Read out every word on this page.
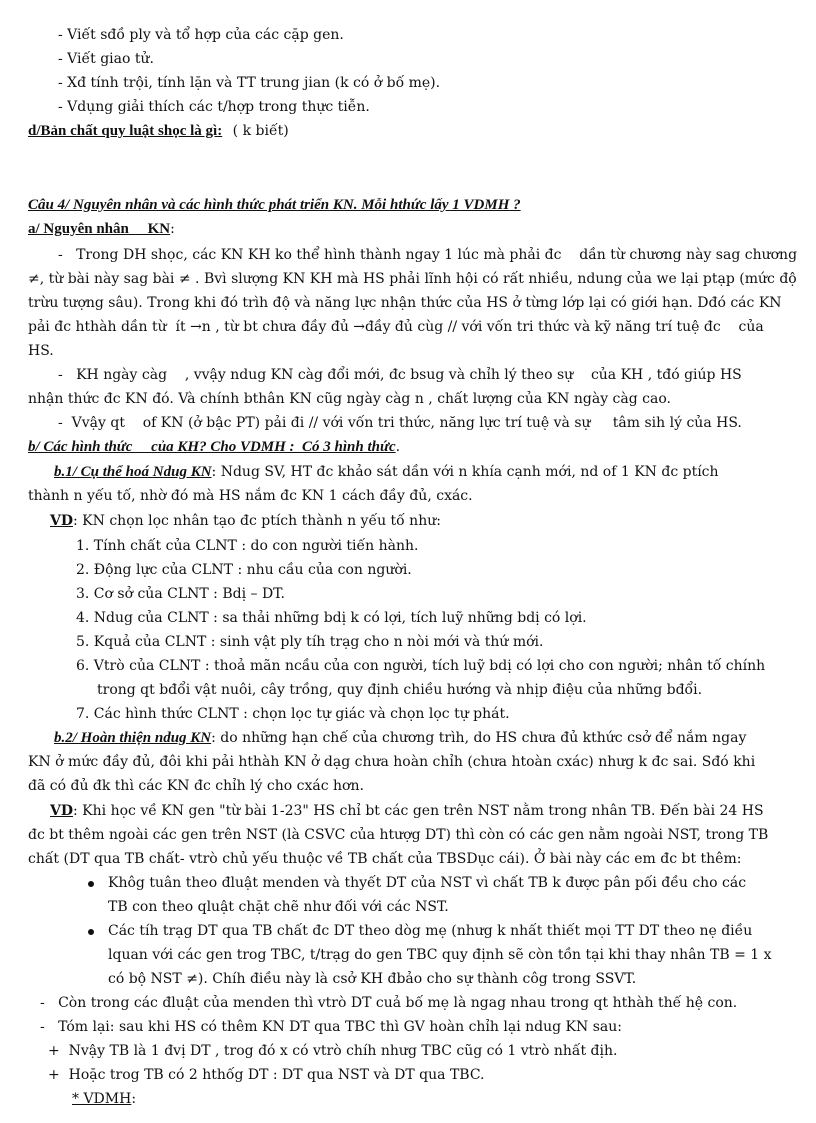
- Viết sđồ ply và tổ hợp của các cặp gen.
- Viết giao tử.
- Xđ tính trội, tính lặn và TT trung jian (k có ở bố mẹ).
- Vdụng giải thích các t/hợp trong thực tiễn.
d/Bản chất quy luật shọc là gì: ( k biết)
Câu 4/ Nguyên nhân và các hình thức phát triển KN. Mỗi hthức lấy 1 VDMH ?
a/ Nguyên nhân     KN:
-   Trong DH shọc, các KN KH ko thể hình thành ngay 1 lúc mà phải đc    dần từ chương này sag chương
≠, từ bài này sag bài ≠ . Bvì slượng KN KH mà HS phải lĩnh hội có rất nhiều, ndung của we lại ptạp (mức độ
trừu tượng sâu). Trong khi đó trìh độ và năng lực nhận thức của HS ở từng lớp lại có giới hạn. Dđó các KN
pải đc hthàh dần từ  ít →n , từ bt chưa đầy đủ →đầy đủ cùg // với vốn tri thức và kỹ năng trí tuệ đc    của
HS.
-   KH ngày càg    , vvậy ndug KN càg đổi mới, đc bsug và chỉh lý theo sự    của KH , tđó giúp HS
nhận thức đc KN đó. Và chính bthân KN cũg ngày càg n , chất lượng của KN ngày càg cao.
-  Vvậy qt    of KN (ở bậc PT) pải đi // với vốn tri thức, năng lực trí tuệ và sự     tâm sih lý của HS.
b/ Các hình thức     của KH? Cho VDMH :  Có 3 hình thức.
b.1/ Cụ thể hoá Ndug KN: Ndug SV, HT đc khảo sát dần với n khía cạnh mới, nd of 1 KN đc ptích
thành n yếu tố, nhờ đó mà HS nắm đc KN 1 cách đầy đủ, cxác.
VD: KN chọn lọc nhân tạo đc ptích thành n yếu tố như:
1. Tính chất của CLNT : do con người tiến hành.
2. Động lực của CLNT : nhu cầu của con người.
3. Cơ sở của CLNT : Bdị – DT.
4. Ndug của CLNT : sa thải những bdị k có lợi, tích luỹ những bdị có lợi.
5. Kquả của CLNT : sinh vật ply tíh trạg cho n nòi mới và thứ mới.
6. Vtrò của CLNT : thoả mãn ncầu của con người, tích luỹ bdị có lợi cho con người; nhân tố chính
trong qt bđổi vật nuôi, cây trồng, quy định chiều hướng và nhịp điệu của những bđổi.
7. Các hình thức CLNT : chọn lọc tự giác và chọn lọc tự phát.
b.2/ Hoàn thiện ndug KN: do những hạn chế của chương trìh, do HS chưa đủ kthức csở để nắm ngay
KN ở mức đầy đủ, đôi khi pải hthàh KN ở dạg chưa hoàn chỉh (chưa htoàn cxác) nhưg k đc sai. Sđó khi
đã có đủ đk thì các KN đc chỉh lý cho cxác hơn.
VD: Khi học về KN gen "từ bài 1-23" HS chỉ bt các gen trên NST nằm trong nhân TB. Đến bài 24 HS
đc bt thêm ngoài các gen trên NST (là CSVC của htượg DT) thì còn có các gen nằm ngoài NST, trong TB
chất (DT qua TB chất- vtrò chủ yếu thuộc về TB chất của TBSDục cái). Ở bài này các em đc bt thêm:
Khôg tuân theo đluật menden và thyết DT của NST vì chất TB k được pân pối đều cho các
TB con theo qluật chặt chẽ như đối với các NST.
Các tíh trạg DT qua TB chất đc DT theo dòg mẹ (nhưg k nhất thiết mọi TT DT theo nẹ điều
lquan với các gen trog TBC, t/trạg do gen TBC quy định sẽ còn tồn tại khi thay nhân TB = 1 x
có bộ NST ≠). Chíh điều này là csở KH đbảo cho sự thành côg trong SSVT.
-   Còn trong các đluật của menden thì vtrò DT cuả bố mẹ là ngag nhau trong qt hthàh thế hệ con.
-   Tóm lại: sau khi HS có thêm KN DT qua TBC thì GV hoàn chỉh lại ndug KN sau:
+  Nvậy TB là 1 đvị DT , trog đó x có vtrò chíh nhưg TBC cũg có 1 vtrò nhất địh.
+  Hoặc trog TB có 2 hthốg DT : DT qua NST và DT qua TBC.
* VDMH:
